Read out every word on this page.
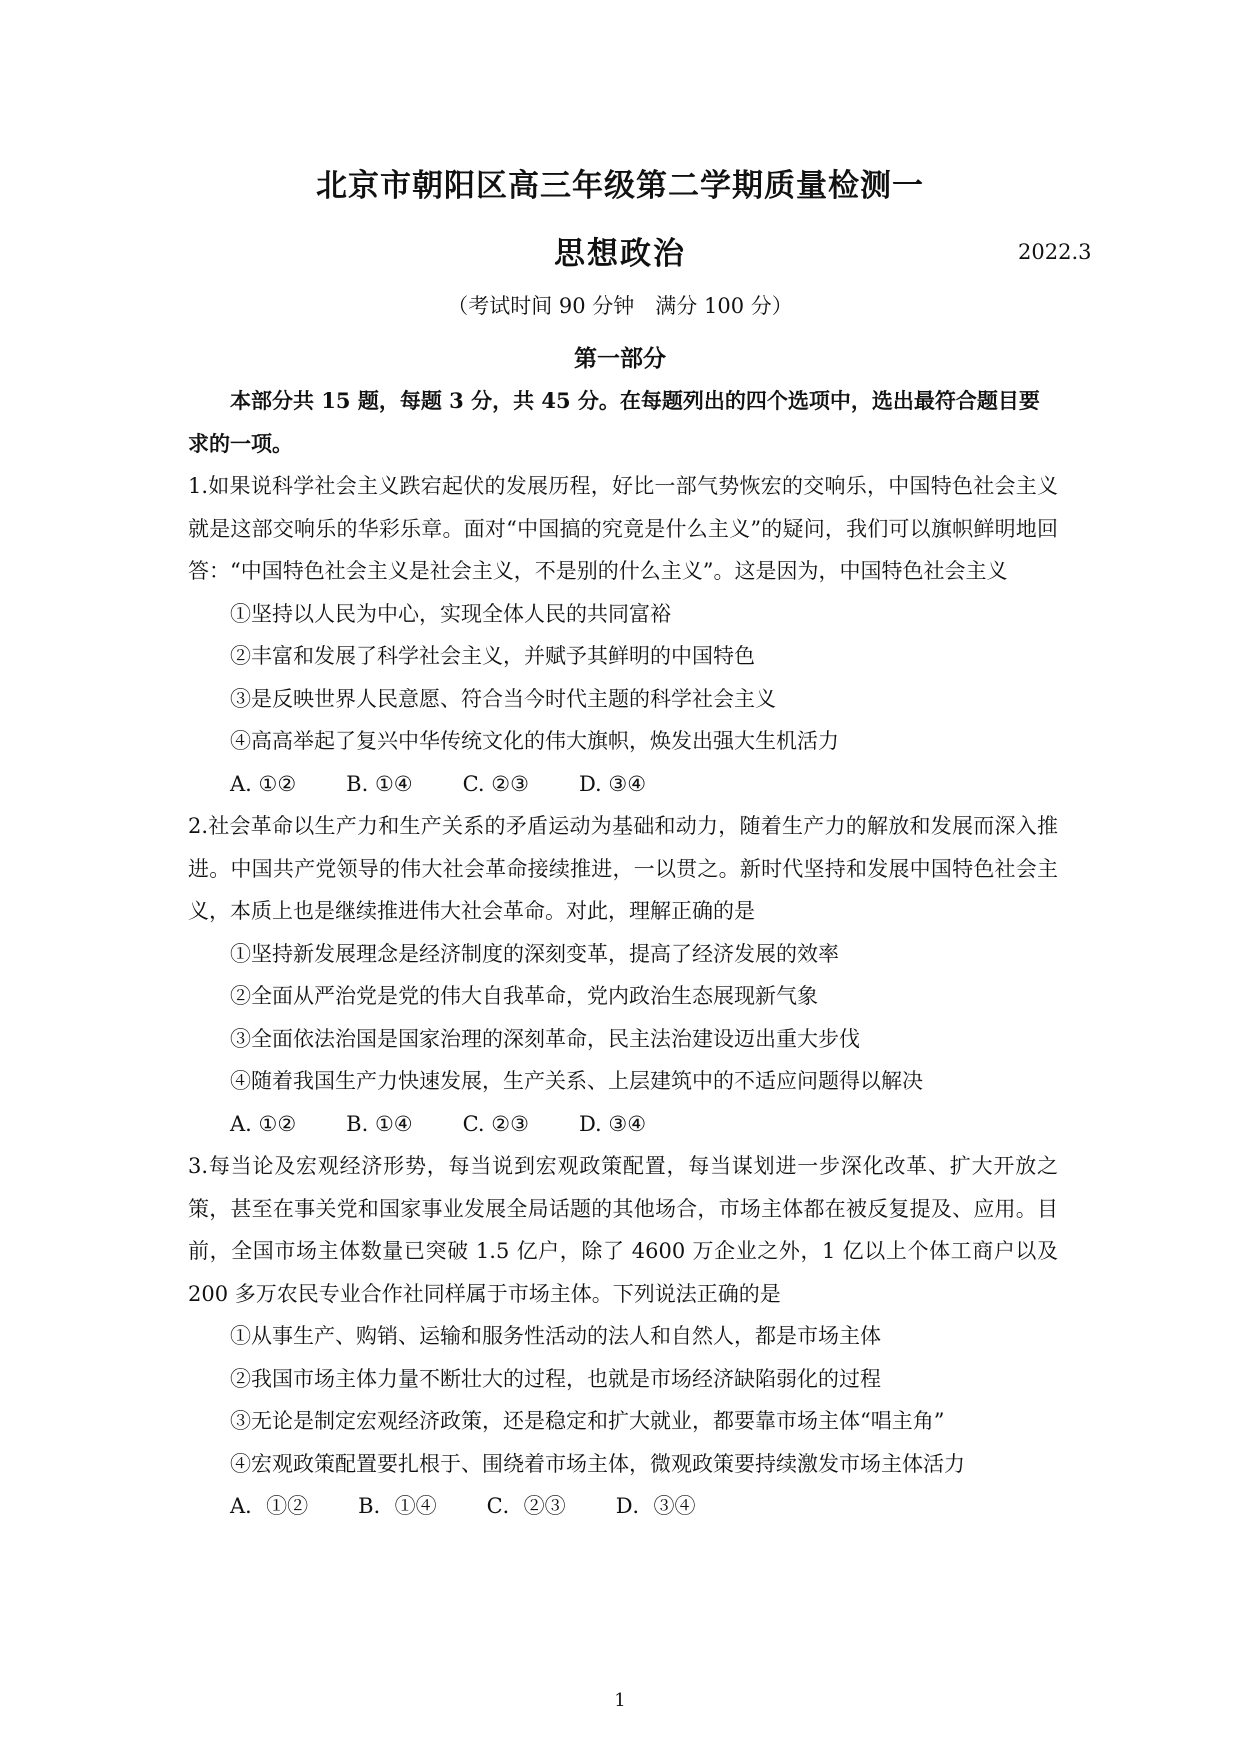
北京市朝阳区高三年级第二学期质量检测一
思想政治	2022.3
（考试时间 90 分钟　满分 100 分）
第一部分
本部分共 15 题，每题 3 分，共 45 分。在每题列出的四个选项中，选出最符合题目要求的一项。

1.如果说科学社会主义跌宕起伏的发展历程，好比一部气势恢宏的交响乐，中国特色社会主义就是这部交响乐的华彩乐章。面对“中国搞的究竟是什么主义”的疑问，我们可以旗帜鲜明地回答：“中国特色社会主义是社会主义，不是别的什么主义”。这是因为，中国特色社会主义

①坚持以人民为中心，实现全体人民的共同富裕

②丰富和发展了科学社会主义，并赋予其鲜明的中国特色

③是反映世界人民意愿、符合当今时代主题的科学社会主义

④高高举起了复兴中华传统文化的伟大旗帜，焕发出强大生机活力

A. ①② B. ①④ C. ②③ D. ③④

2.社会革命以生产力和生产关系的矛盾运动为基础和动力，随着生产力的解放和发展而深入推进。中国共产党领导的伟大社会革命接续推进，一以贯之。新时代坚持和发展中国特色社会主义，本质上也是继续推进伟大社会革命。对此，理解正确的是

①坚持新发展理念是经济制度的深刻变革，提高了经济发展的效率

②全面从严治党是党的伟大自我革命，党内政治生态展现新气象

③全面依法治国是国家治理的深刻革命，民主法治建设迈出重大步伐

④随着我国生产力快速发展，生产关系、上层建筑中的不适应问题得以解决

A. ①② B. ①④ C. ②③ D. ③④

3.每当论及宏观经济形势，每当说到宏观政策配置，每当谋划进一步深化改革、扩大开放之策，甚至在事关党和国家事业发展全局话题的其他场合，市场主体都在被反复提及、应用。目前，全国市场主体数量已突破 1.5 亿户，除了 4600 万企业之外，1 亿以上个体工商户以及 200 多万农民专业合作社同样属于市场主体。下列说法正确的是

①从事生产、购销、运输和服务性活动的法人和自然人，都是市场主体

②我国市场主体力量不断壮大的过程，也就是市场经济缺陷弱化的过程

③无论是制定宏观经济政策，还是稳定和扩大就业，都要靠市场主体“唱主角”

④宏观政策配置要扎根于、围绕着市场主体，微观政策要持续激发市场主体活力

A．①② B．①④ C．②③ D．③④

1
